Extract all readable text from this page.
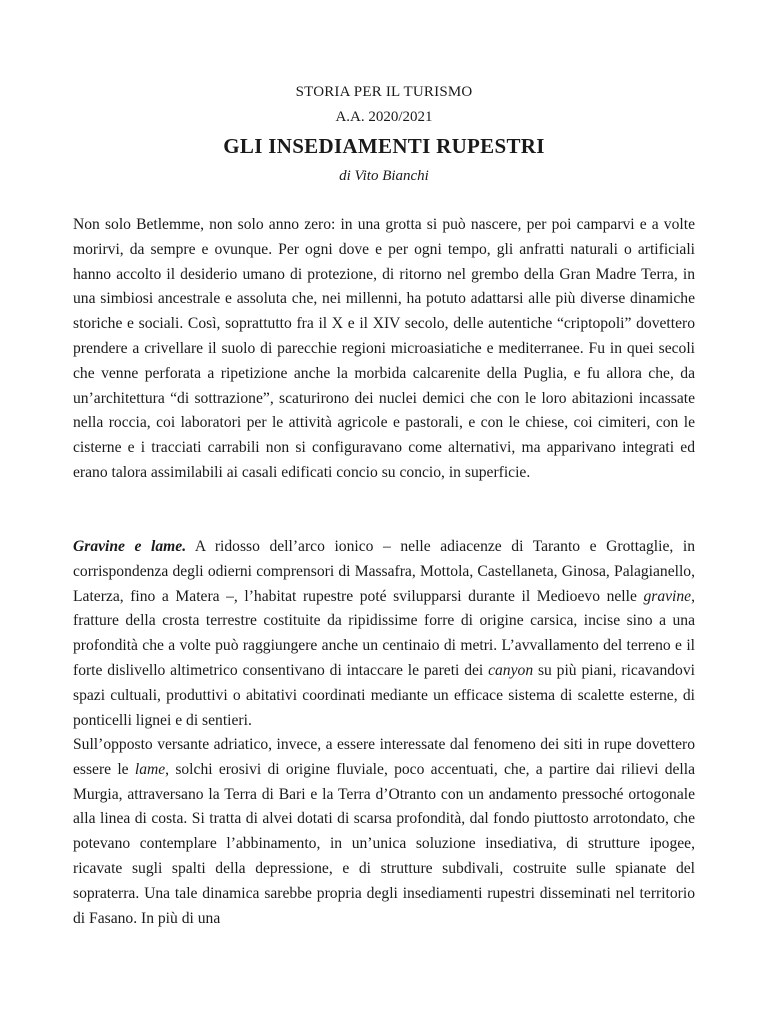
STORIA PER IL TURISMO
A.A. 2020/2021
GLI INSEDIAMENTI RUPESTRI
di Vito Bianchi

Non solo Betlemme, non solo anno zero: in una grotta si può nascere, per poi camparvi e a volte morirvi, da sempre e ovunque. Per ogni dove e per ogni tempo, gli anfratti naturali o artificiali hanno accolto il desiderio umano di protezione, di ritorno nel grembo della Gran Madre Terra, in una simbiosi ancestrale e assoluta che, nei millenni, ha potuto adattarsi alle più diverse dinamiche storiche e sociali. Così, soprattutto fra il X e il XIV secolo, delle autentiche “criptopoli” dovettero prendere a crivellare il suolo di parecchie regioni microasiatiche e mediterranee. Fu in quei secoli che venne perforata a ripetizione anche la morbida calcarenite della Puglia, e fu allora che, da un’architettura “di sottrazione”, scaturirono dei nuclei demici che con le loro abitazioni incassate nella roccia, coi laboratori per le attività agricole e pastorali, e con le chiese, coi cimiteri, con le cisterne e i tracciati carrabili non si configuravano come alternativi, ma apparivano integrati ed erano talora assimilabili ai casali edificati concio su concio, in superficie.

Gravine e lame. A ridosso dell’arco ionico – nelle adiacenze di Taranto e Grottaglie, in corrispondenza degli odierni comprensori di Massafra, Mottola, Castellaneta, Ginosa, Palagianello, Laterza, fino a Matera –, l’habitat rupestre poté svilupparsi durante il Medioevo nelle gravine, fratture della crosta terrestre costituite da ripidissime forre di origine carsica, incise sino a una profondità che a volte può raggiungere anche un centinaio di metri. L’avvallamento del terreno e il forte dislivello altimetrico consentivano di intaccare le pareti dei canyon su più piani, ricavandovi spazi cultuali, produttivi o abitativi coordinati mediante un efficace sistema di scalette esterne, di ponticelli lignei e di sentieri.

Sull’opposto versante adriatico, invece, a essere interessate dal fenomeno dei siti in rupe dovettero essere le lame, solchi erosivi di origine fluviale, poco accentuati, che, a partire dai rilievi della Murgia, attraversano la Terra di Bari e la Terra d’Otranto con un andamento pressoché ortogonale alla linea di costa. Si tratta di alvei dotati di scarsa profondità, dal fondo piuttosto arrotondato, che potevano contemplare l’abbinamento, in un’unica soluzione insediativa, di strutture ipogee, ricavate sugli spalti della depressione, e di strutture subdivali, costruite sulle spianate del sopraterra. Una tale dinamica sarebbe propria degli insediamenti rupestri disseminati nel territorio di Fasano. In più di una
